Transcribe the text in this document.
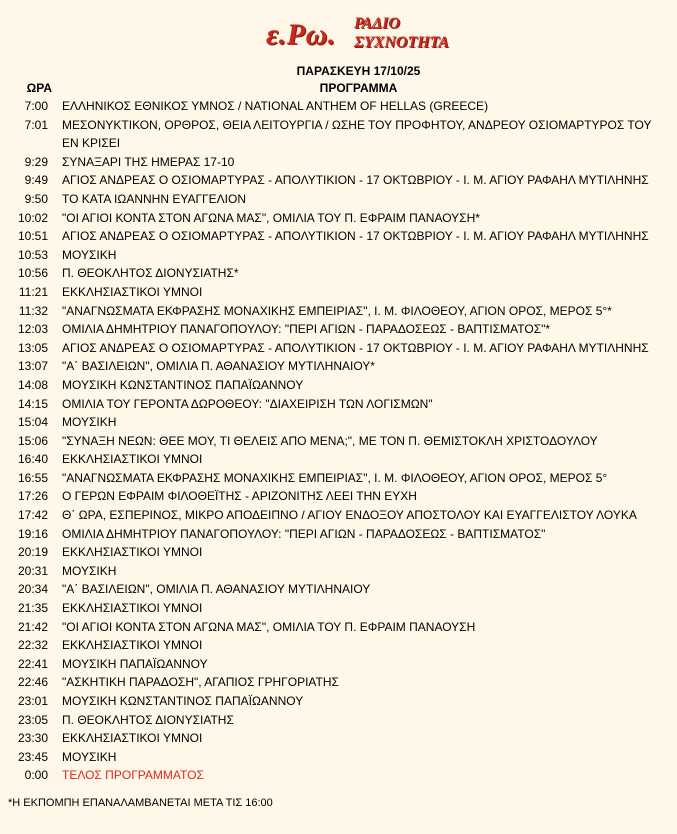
ε.Ρω. ΡΑΔΙΟ
ΣΥΧΝΟΤΗΤΑ
ΠΑΡΑΣΚΕΥΗ 17/10/25
ΩΡΑ	ΠΡΟΓΡΑΜΜΑ
7:00 ΕΛΛΗΝΙΚΟΣ ΕΘΝΙΚΟΣ ΥΜΝΟΣ / NATIONAL ANTHEM OF HELLAS (GREECE)
7:01 ΜΕΣΟΝΥΚΤΙΚΟΝ, ΟΡΘΡΟΣ, ΘΕΙΑ ΛΕΙΤΟΥΡΓΙΑ / ΩΣΗΕ ΤΟΥ ΠΡΟΦΗΤΟΥ, ΑΝΔΡΕΟΥ ΟΣΙΟΜΑΡΤΥΡΟΣ ΤΟΥ ΕΝ ΚΡΙΣΕΙ
9:29 ΣΥΝΑΞΑΡΙ ΤΗΣ ΗΜΕΡΑΣ 17-10
9:49 ΑΓΙΟΣ ΑΝΔΡΕΑΣ Ο ΟΣΙΟΜΑΡΤΥΡΑΣ - ΑΠΟΛΥΤΙΚΙΟΝ - 17 ΟΚΤΩΒΡΙΟΥ - Ι. Μ. ΑΓΙΟΥ ΡΑΦΑΗΛ ΜΥΤΙΛΗΝΗΣ
9:50 ΤΟ ΚΑΤΑ ΙΩΑΝΝΗΝ ΕΥΑΓΓΕΛΙΟΝ
10:02 "ΟΙ ΑΓΙΟΙ ΚΟΝΤΑ ΣΤΟΝ ΑΓΩΝΑ ΜΑΣ", ΟΜΙΛΙΑ ΤΟΥ Π. ΕΦΡΑΙΜ ΠΑΝΑΟΥΣΗ*
10:51 ΑΓΙΟΣ ΑΝΔΡΕΑΣ Ο ΟΣΙΟΜΑΡΤΥΡΑΣ - ΑΠΟΛΥΤΙΚΙΟΝ - 17 ΟΚΤΩΒΡΙΟΥ - Ι. Μ. ΑΓΙΟΥ ΡΑΦΑΗΛ ΜΥΤΙΛΗΝΗΣ
10:53 ΜΟΥΣΙΚΗ
10:56 Π. ΘΕΟΚΛΗΤΟΣ ΔΙΟΝΥΣΙΑΤΗΣ*
11:21 ΕΚΚΛΗΣΙΑΣΤΙΚΟΙ ΥΜΝΟΙ
11:32 "ΑΝΑΓΝΩΣΜΑΤΑ ΕΚΦΡΑΣΗΣ ΜΟΝΑΧΙΚΗΣ ΕΜΠΕΙΡΙΑΣ", Ι. Μ. ΦΙΛΟΘΕΟΥ, ΑΓΙΟΝ ΟΡΟΣ, ΜΕΡΟΣ 5°*
12:03 ΟΜΙΛΙΑ ΔΗΜΗΤΡΙΟΥ ΠΑΝΑΓΟΠΟΥΛΟΥ: "ΠΕΡΙ ΑΓΙΩΝ - ΠΑΡΑΔΟΣΕΩΣ - ΒΑΠΤΙΣΜΑΤΟΣ"*
13:05 ΑΓΙΟΣ ΑΝΔΡΕΑΣ Ο ΟΣΙΟΜΑΡΤΥΡΑΣ - ΑΠΟΛΥΤΙΚΙΟΝ - 17 ΟΚΤΩΒΡΙΟΥ - Ι. Μ. ΑΓΙΟΥ ΡΑΦΑΗΛ ΜΥΤΙΛΗΝΗΣ
13:07 "Α΄ ΒΑΣΙΛΕΙΩΝ", ΟΜΙΛΙΑ Π. ΑΘΑΝΑΣΙΟΥ ΜΥΤΙΛΗΝΑΙΟΥ*
14:08 ΜΟΥΣΙΚΗ ΚΩΝΣΤΑΝΤΙΝΟΣ ΠΑΠΑΪΩΑΝΝΟΥ
14:15 ΟΜΙΛΙΑ ΤΟΥ ΓΕΡΟΝΤΑ ΔΩΡΟΘΕΟΥ: "ΔΙΑΧΕΙΡΙΣΗ ΤΩΝ ΛΟΓΙΣΜΩΝ"
15:04 ΜΟΥΣΙΚΗ
15:06 "ΣΥΝΑΞΗ ΝΕΩΝ: ΘΕΕ ΜΟΥ, ΤΙ ΘΕΛΕΙΣ ΑΠΟ ΜΕΝΑ;", ΜΕ ΤΟΝ Π. ΘΕΜΙΣΤΟΚΛΗ ΧΡΙΣΤΟΔΟΥΛΟΥ
16:40 ΕΚΚΛΗΣΙΑΣΤΙΚΟΙ ΥΜΝΟΙ
16:55 "ΑΝΑΓΝΩΣΜΑΤΑ ΕΚΦΡΑΣΗΣ ΜΟΝΑΧΙΚΗΣ ΕΜΠΕΙΡΙΑΣ", Ι. Μ. ΦΙΛΟΘΕΟΥ, ΑΓΙΟΝ ΟΡΟΣ, ΜΕΡΟΣ 5°
17:26 Ο ΓΕΡΩΝ ΕΦΡΑΙΜ ΦΙΛΟΘΕΪΤΗΣ - ΑΡΙΖΟΝΙΤΗΣ ΛΕΕΙ ΤΗΝ ΕΥΧΗ
17:42 Θ΄ ΩΡΑ, ΕΣΠΕΡΙΝΟΣ, ΜΙΚΡΟ ΑΠΟΔΕΙΠΝΟ / ΑΓΙΟΥ ΕΝΔΟΞΟΥ ΑΠΟΣΤΟΛΟΥ ΚΑΙ ΕΥΑΓΓΕΛΙΣΤΟΥ ΛΟΥΚΑ
19:16 ΟΜΙΛΙΑ ΔΗΜΗΤΡΙΟΥ ΠΑΝΑΓΟΠΟΥΛΟΥ: "ΠΕΡΙ ΑΓΙΩΝ - ΠΑΡΑΔΟΣΕΩΣ - ΒΑΠΤΙΣΜΑΤΟΣ"
20:19 ΕΚΚΛΗΣΙΑΣΤΙΚΟΙ ΥΜΝΟΙ
20:31 ΜΟΥΣΙΚΗ
20:34 "Α΄ ΒΑΣΙΛΕΙΩΝ", ΟΜΙΛΙΑ Π. ΑΘΑΝΑΣΙΟΥ ΜΥΤΙΛΗΝΑΙΟΥ
21:35 ΕΚΚΛΗΣΙΑΣΤΙΚΟΙ ΥΜΝΟΙ
21:42 "ΟΙ ΑΓΙΟΙ ΚΟΝΤΑ ΣΤΟΝ ΑΓΩΝΑ ΜΑΣ", ΟΜΙΛΙΑ ΤΟΥ Π. ΕΦΡΑΙΜ ΠΑΝΑΟΥΣΗ
22:32 ΕΚΚΛΗΣΙΑΣΤΙΚΟΙ ΥΜΝΟΙ
22:41 ΜΟΥΣΙΚΗ ΠΑΠΑΪΩΑΝΝΟΥ
22:46 "ΑΣΚΗΤΙΚΗ ΠΑΡΑΔΟΣΗ", ΑΓΑΠΙΟΣ ΓΡΗΓΟΡΙΑΤΗΣ
23:01 ΜΟΥΣΙΚΗ ΚΩΝΣΤΑΝΤΙΝΟΣ ΠΑΠΑΪΩΑΝΝΟΥ
23:05 Π. ΘΕΟΚΛΗΤΟΣ ΔΙΟΝΥΣΙΑΤΗΣ
23:30 ΕΚΚΛΗΣΙΑΣΤΙΚΟΙ ΥΜΝΟΙ
23:45 ΜΟΥΣΙΚΗ
0:00 ΤΕΛΟΣ ΠΡΟΓΡΑΜΜΑΤΟΣ
*Η ΕΚΠΟΜΠΗ ΕΠΑΝΑΛΑΜΒΑΝΕΤΑΙ ΜΕΤΑ ΤΙΣ 16:00
